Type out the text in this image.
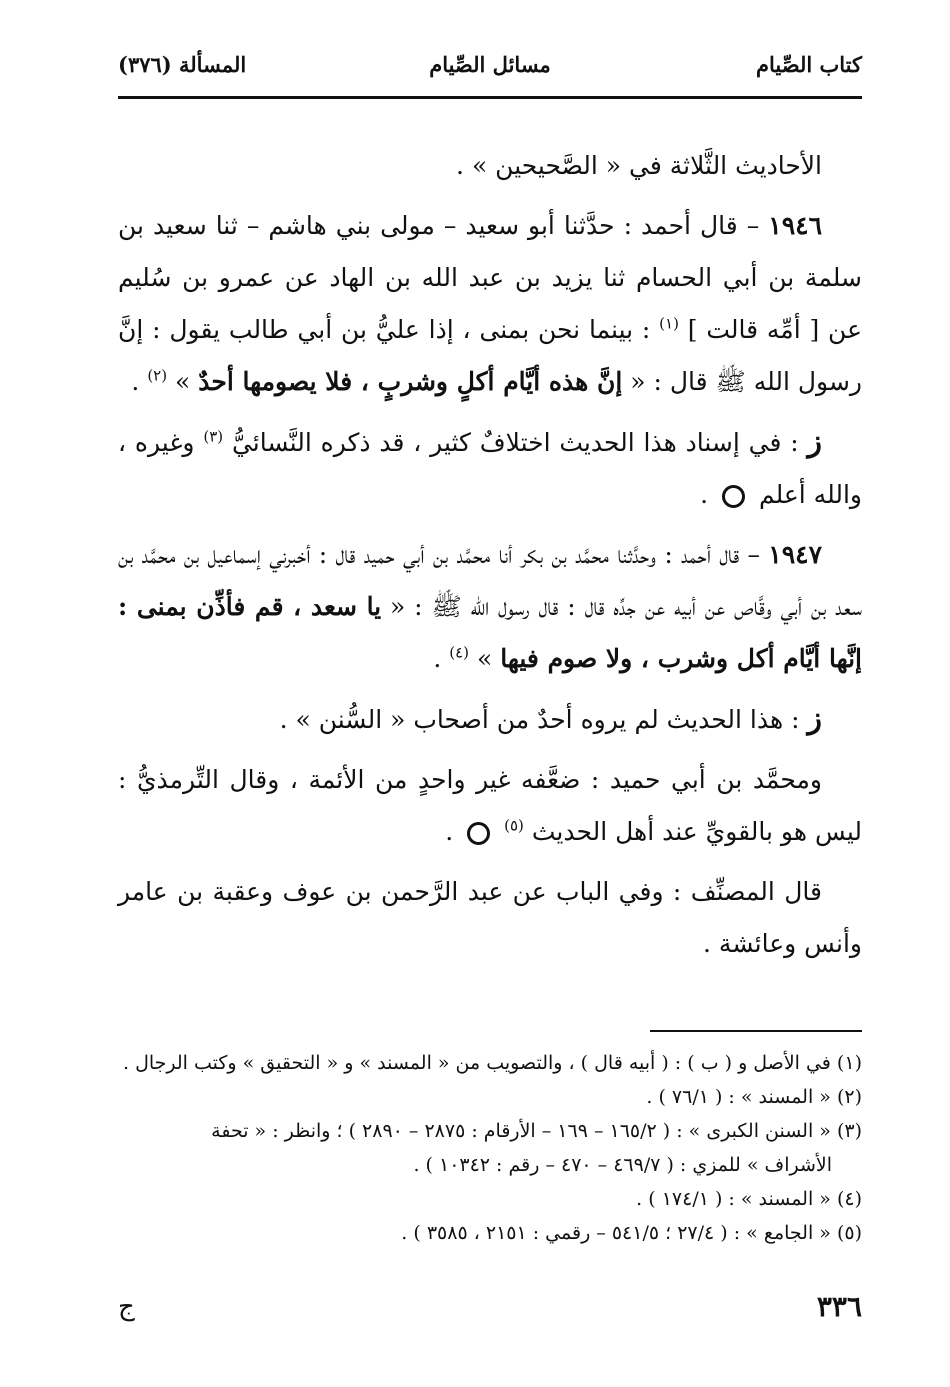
كتاب الصِّيام
مسائل الصِّيام
المسألة (٣٧٦)

الأحاديث الثَّلاثة في « الصَّحيحين » .

١٩٤٦ – قال أحمد : حدَّثنا أبو سعيد – مولى بني هاشم – ثنا سعيد بن سلمة بن أبي الحسام ثنا يزيد بن عبد الله بن الهاد عن عمرو بن سُليم عن [ أمِّه قالت ] $^{(١)}$ : بينما نحن بمنى ، إذا عليُّ بن أبي طالب يقول : إنَّ رسول الله ﷺ قال : « إنَّ هذه أيَّام أكلٍ وشربٍ ، فلا يصومها أحدٌ » $^{(٢)}$ .

ز : في إسناد هذا الحديث اختلافٌ كثير ، قد ذكره النَّسائيُّ $^{(٣)}$ وغيره ، والله أعلم  .

١٩٤٧ – قال أحمد : وحدَّثنا محمَّد بن بكر أنا محمَّد بن أبي حميد قال : أخبرني إسماعيل بن محمَّد بن سعد بن أبي وقَّاص عن أبيه عن جدِّه قال : قال رسول الله ﷺ : « يا سعد ، قم فأذِّن بمنى : إنَّها أيَّام أكل وشرب ، ولا صوم فيها » $^{(٤)}$ .

ز : هذا الحديث لم يروه أحدٌ من أصحاب « السُّنن » .

ومحمَّد بن أبي حميد : ضعَّفه غير واحدٍ من الأئمة ، وقال التِّرمذيُّ : ليس هو بالقويِّ عند أهل الحديث $^{(٥)}$  .

قال المصنِّف : وفي الباب عن عبد الرَّحمن بن عوف وعقبة بن عامر وأنس وعائشة .

(١) في الأصل و ( ب ) : ( أبيه قال ) ، والتصويب من « المسند » و « التحقيق » وكتب الرجال .
(٢) « المسند » : ( ٧٦/١ ) .
(٣) « السنن الكبرى » : ( ١٦٥/٢ – ١٦٩ – الأرقام : ٢٨٧٥ – ٢٨٩٠ ) ؛ وانظر : « تحفة
الأشراف » للمزي : ( ٤٦٩/٧ – ٤٧٠ – رقم : ١٠٣٤٢ ) .
(٤) « المسند » : ( ١٧٤/١ ) .
(٥) « الجامع » : ( ٢٧/٤ ؛ ٥٤١/٥ – رقمي : ٢١٥١ ، ٣٥٨٥ ) .
٣٣٦
ج
